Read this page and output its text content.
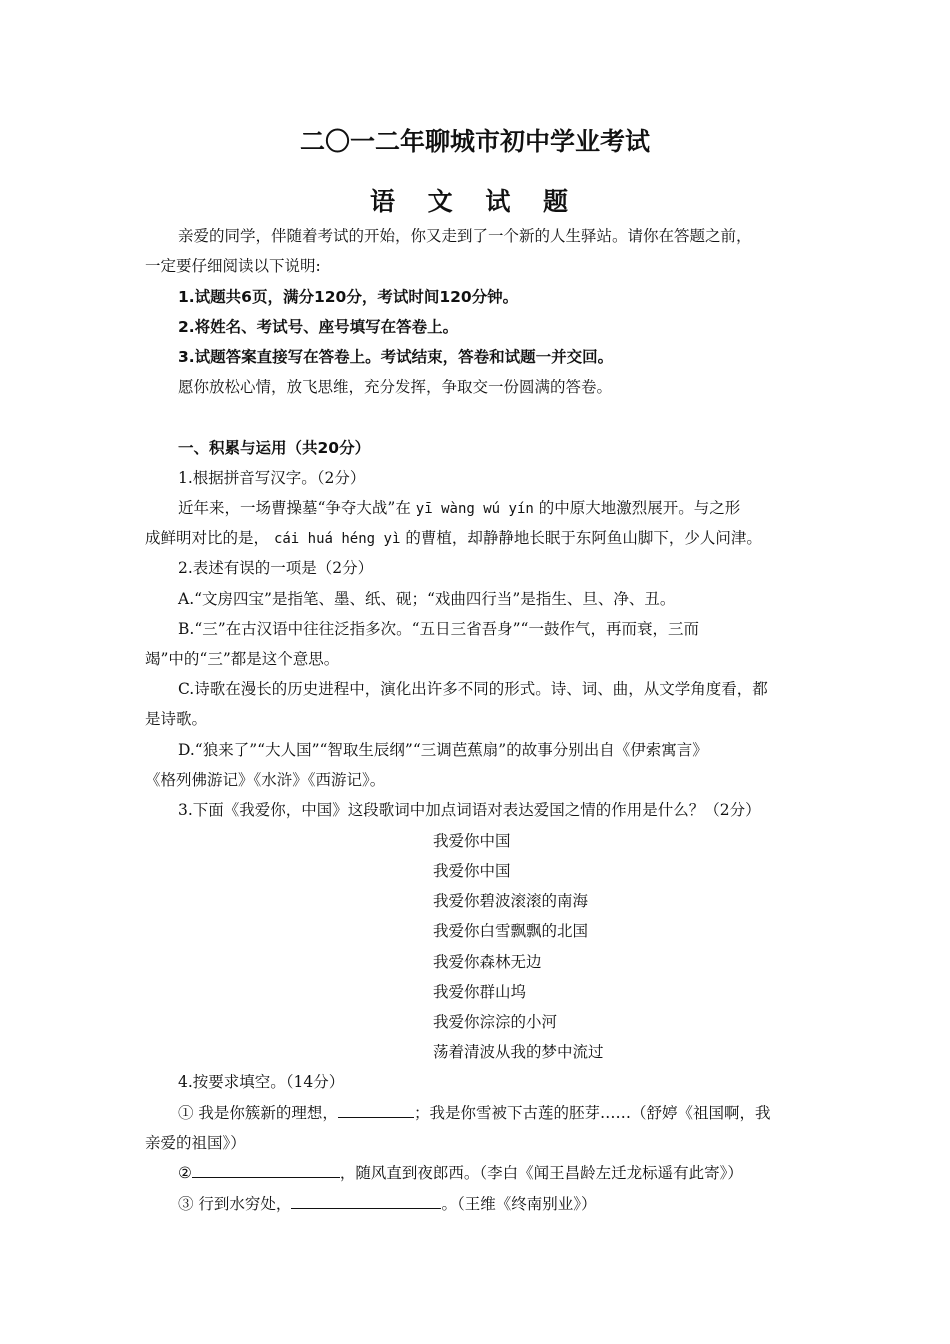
二〇一二年聊城市初中学业考试
语 文 试 题
亲爱的同学，伴随着考试的开始，你又走到了一个新的人生驿站。请你在答题之前，
一定要仔细阅读以下说明:
1.试题共6页，满分120分，考试时间120分钟。
2.将姓名、考试号、座号填写在答卷上。
3.试题答案直接写在答卷上。考试结束，答卷和试题一并交回。
愿你放松心情，放飞思维，充分发挥，争取交一份圆满的答卷。
一、积累与运用（共20分）
1.根据拼音写汉字。（2分）
近年来，一场曹操墓“争夺大战”在 yī wàng wú yín 的中原大地激烈展开。与之形
成鲜明对比的是， cái huá héng yì 的曹植，却静静地长眠于东阿鱼山脚下，少人问津。
2.表述有误的一项是（2分）
A.“文房四宝”是指笔、墨、纸、砚；“戏曲四行当”是指生、旦、净、丑。
B.“三”在古汉语中往往泛指多次。“五日三省吾身”“一鼓作气，再而衰，三而
竭”中的“三”都是这个意思。
C.诗歌在漫长的历史进程中，演化出许多不同的形式。诗、词、曲，从文学角度看，都
是诗歌。
D.“狼来了”“大人国”“智取生辰纲”“三调芭蕉扇”的故事分别出自《伊索寓言》
《格列佛游记》《水浒》《西游记》。
3.下面《我爱你，中国》这段歌词中加点词语对表达爱国之情的作用是什么？（2分）
我爱你中国
我爱你中国
我爱你碧波滚滚的南海
我爱你白雪飘飘的北国
我爱你森林无边
我爱你群山坞
我爱你淙淙的小河
荡着清波从我的梦中流过
4.按要求填空。（14分）
① 我是你簇新的理想，	；我是你雪被下古莲的胚芽……（舒婷《祖国啊，我
亲爱的祖国》）
②	，随风直到夜郎西。（李白《闻王昌龄左迁龙标遥有此寄》）
③ 行到水穷处，	。（王维《终南别业》）
